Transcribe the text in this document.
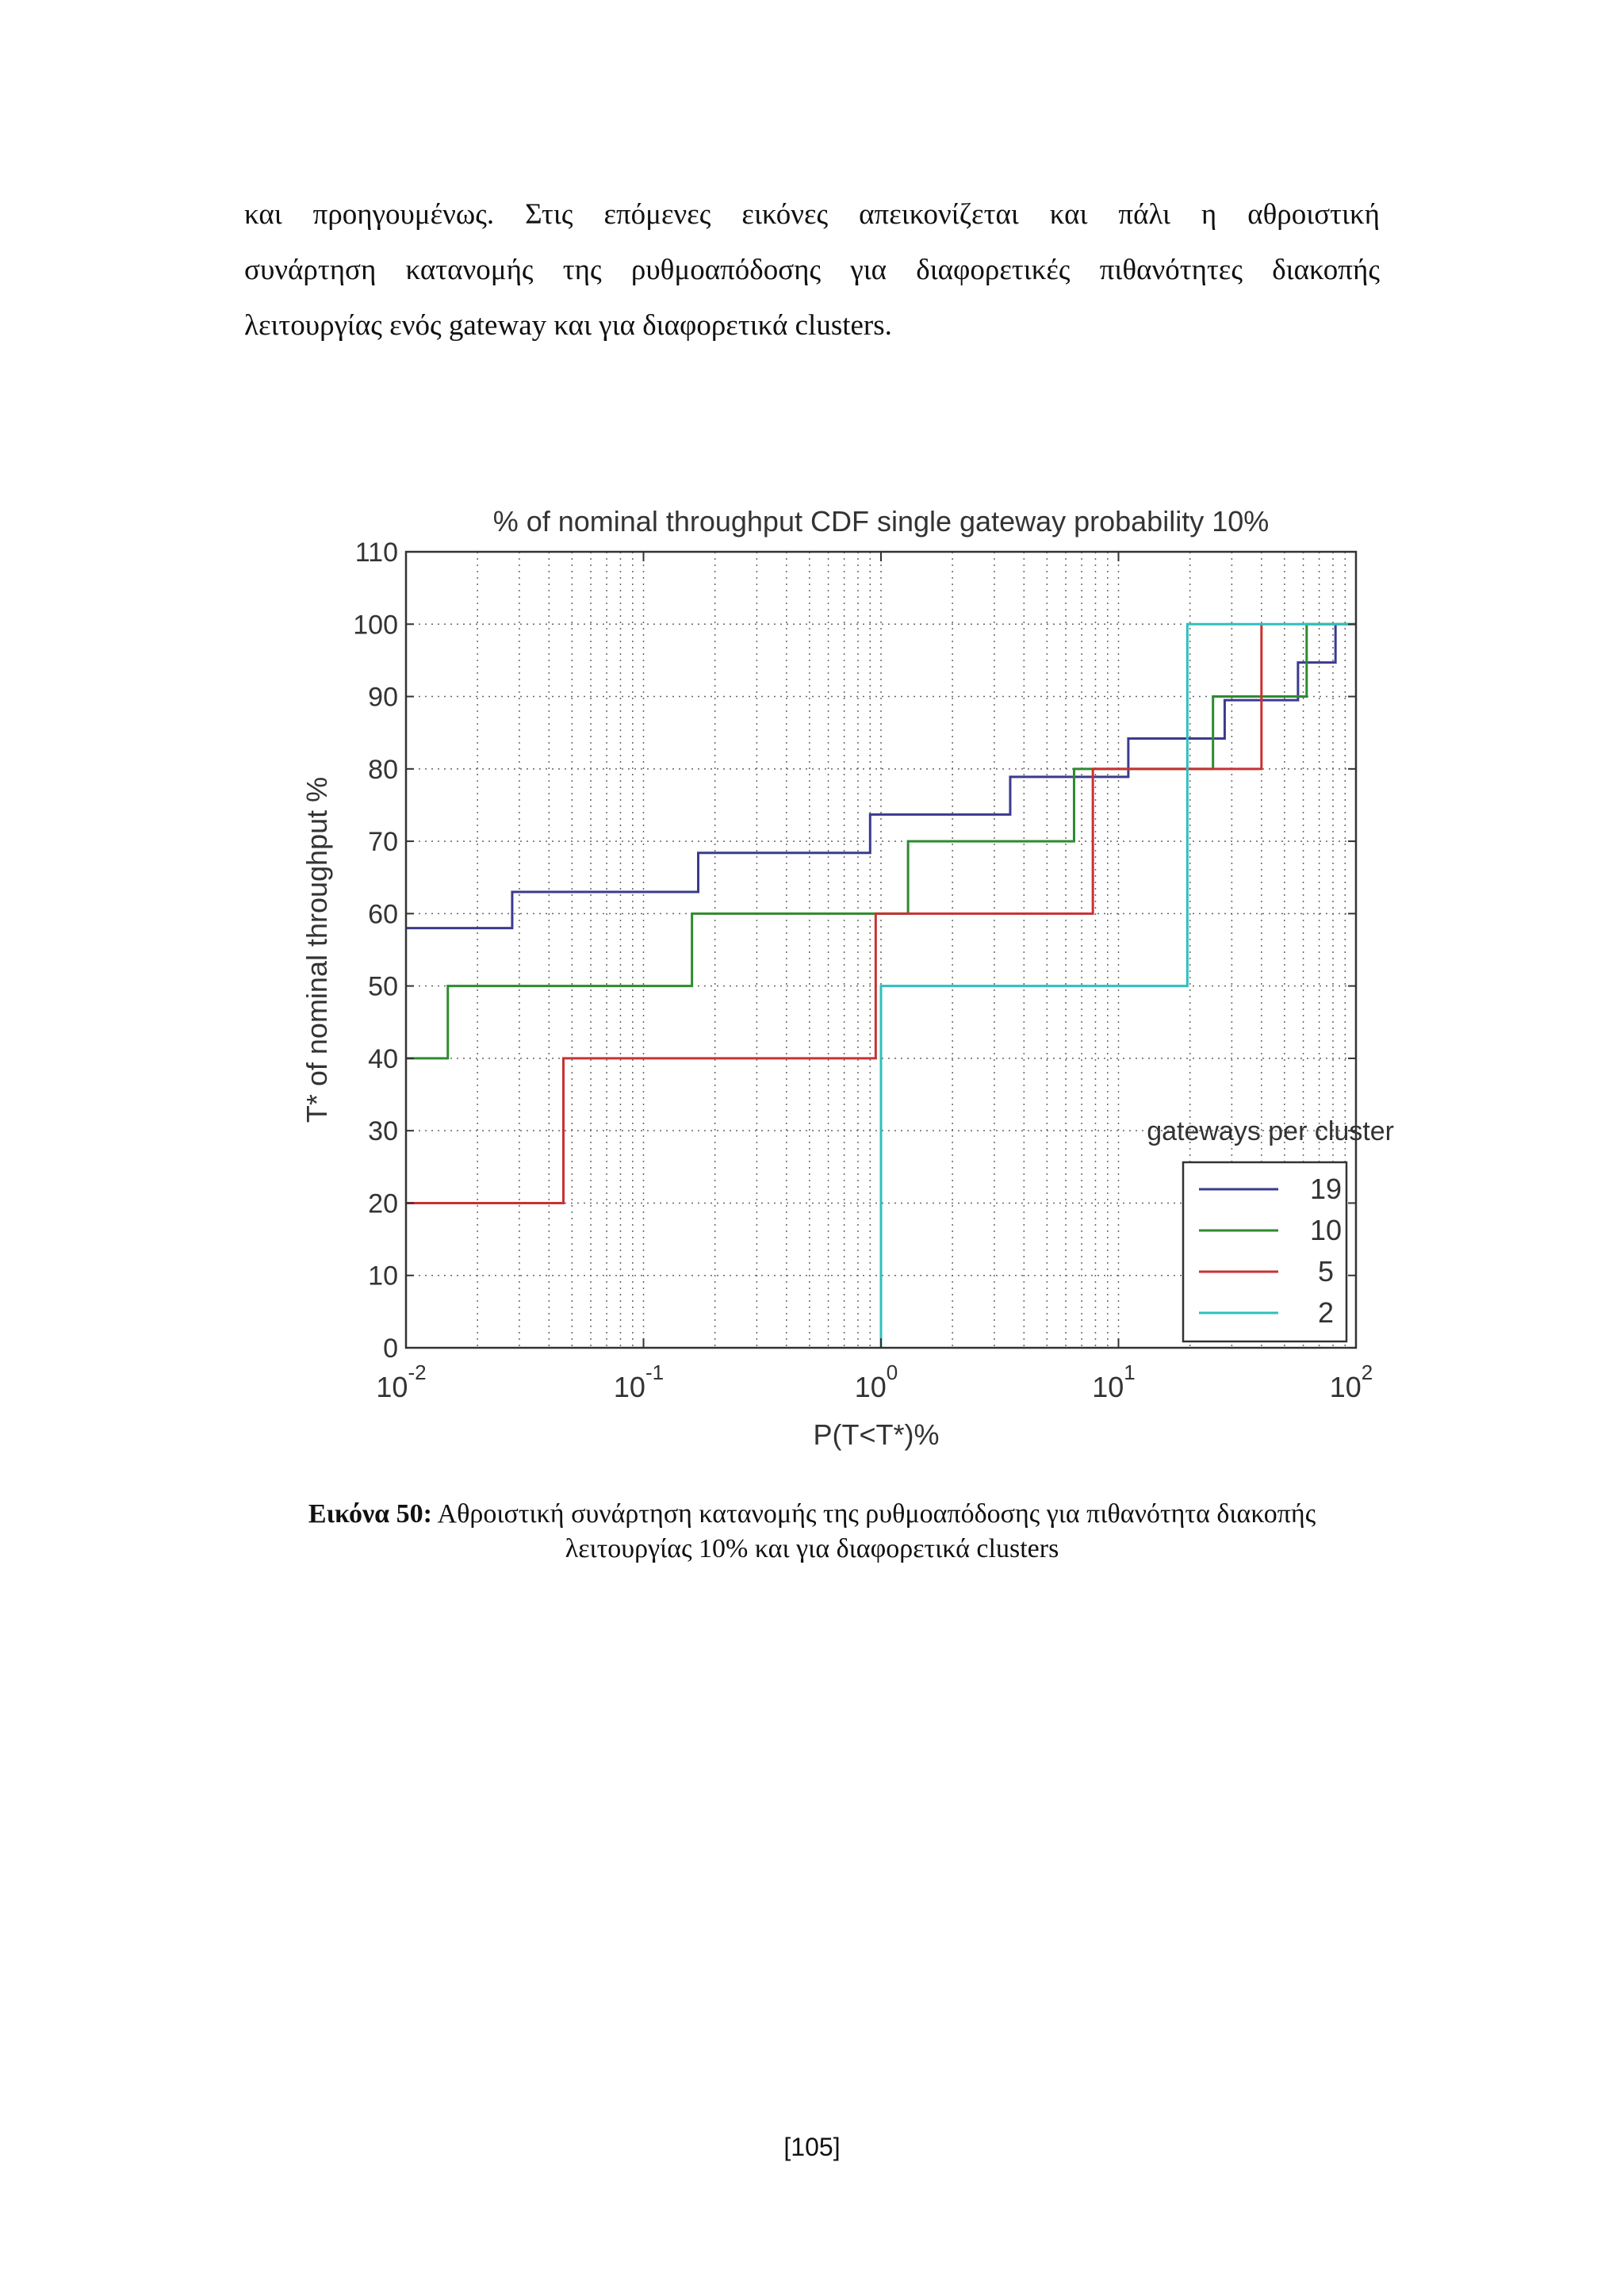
και προηγουμένως. Στις επόμενες εικόνες απεικονίζεται και πάλι η αθροιστική
συνάρτηση κατανομής της ρυθμοαπόδοσης για διαφορετικές πιθανότητες διακοπής
λειτουργίας ενός gateway και για διαφορετικά clusters.
0
10
20
30
40
50
60
70
80
90
100
110
$10^{-2}$	$10^{-1}$	$10^0$	$10^1$	$10^2$
% of nominal throughput CDF single gateway probability 10%
P(T<T*)%
T* of nominal throughput %
gateways per cluster
19
10
5
2
Εικόνα 50: Αθροιστική συνάρτηση κατανομής της ρυθμοαπόδοσης για πιθανότητα διακοπής
λειτουργίας 10% και για διαφορετικά clusters
[105]
